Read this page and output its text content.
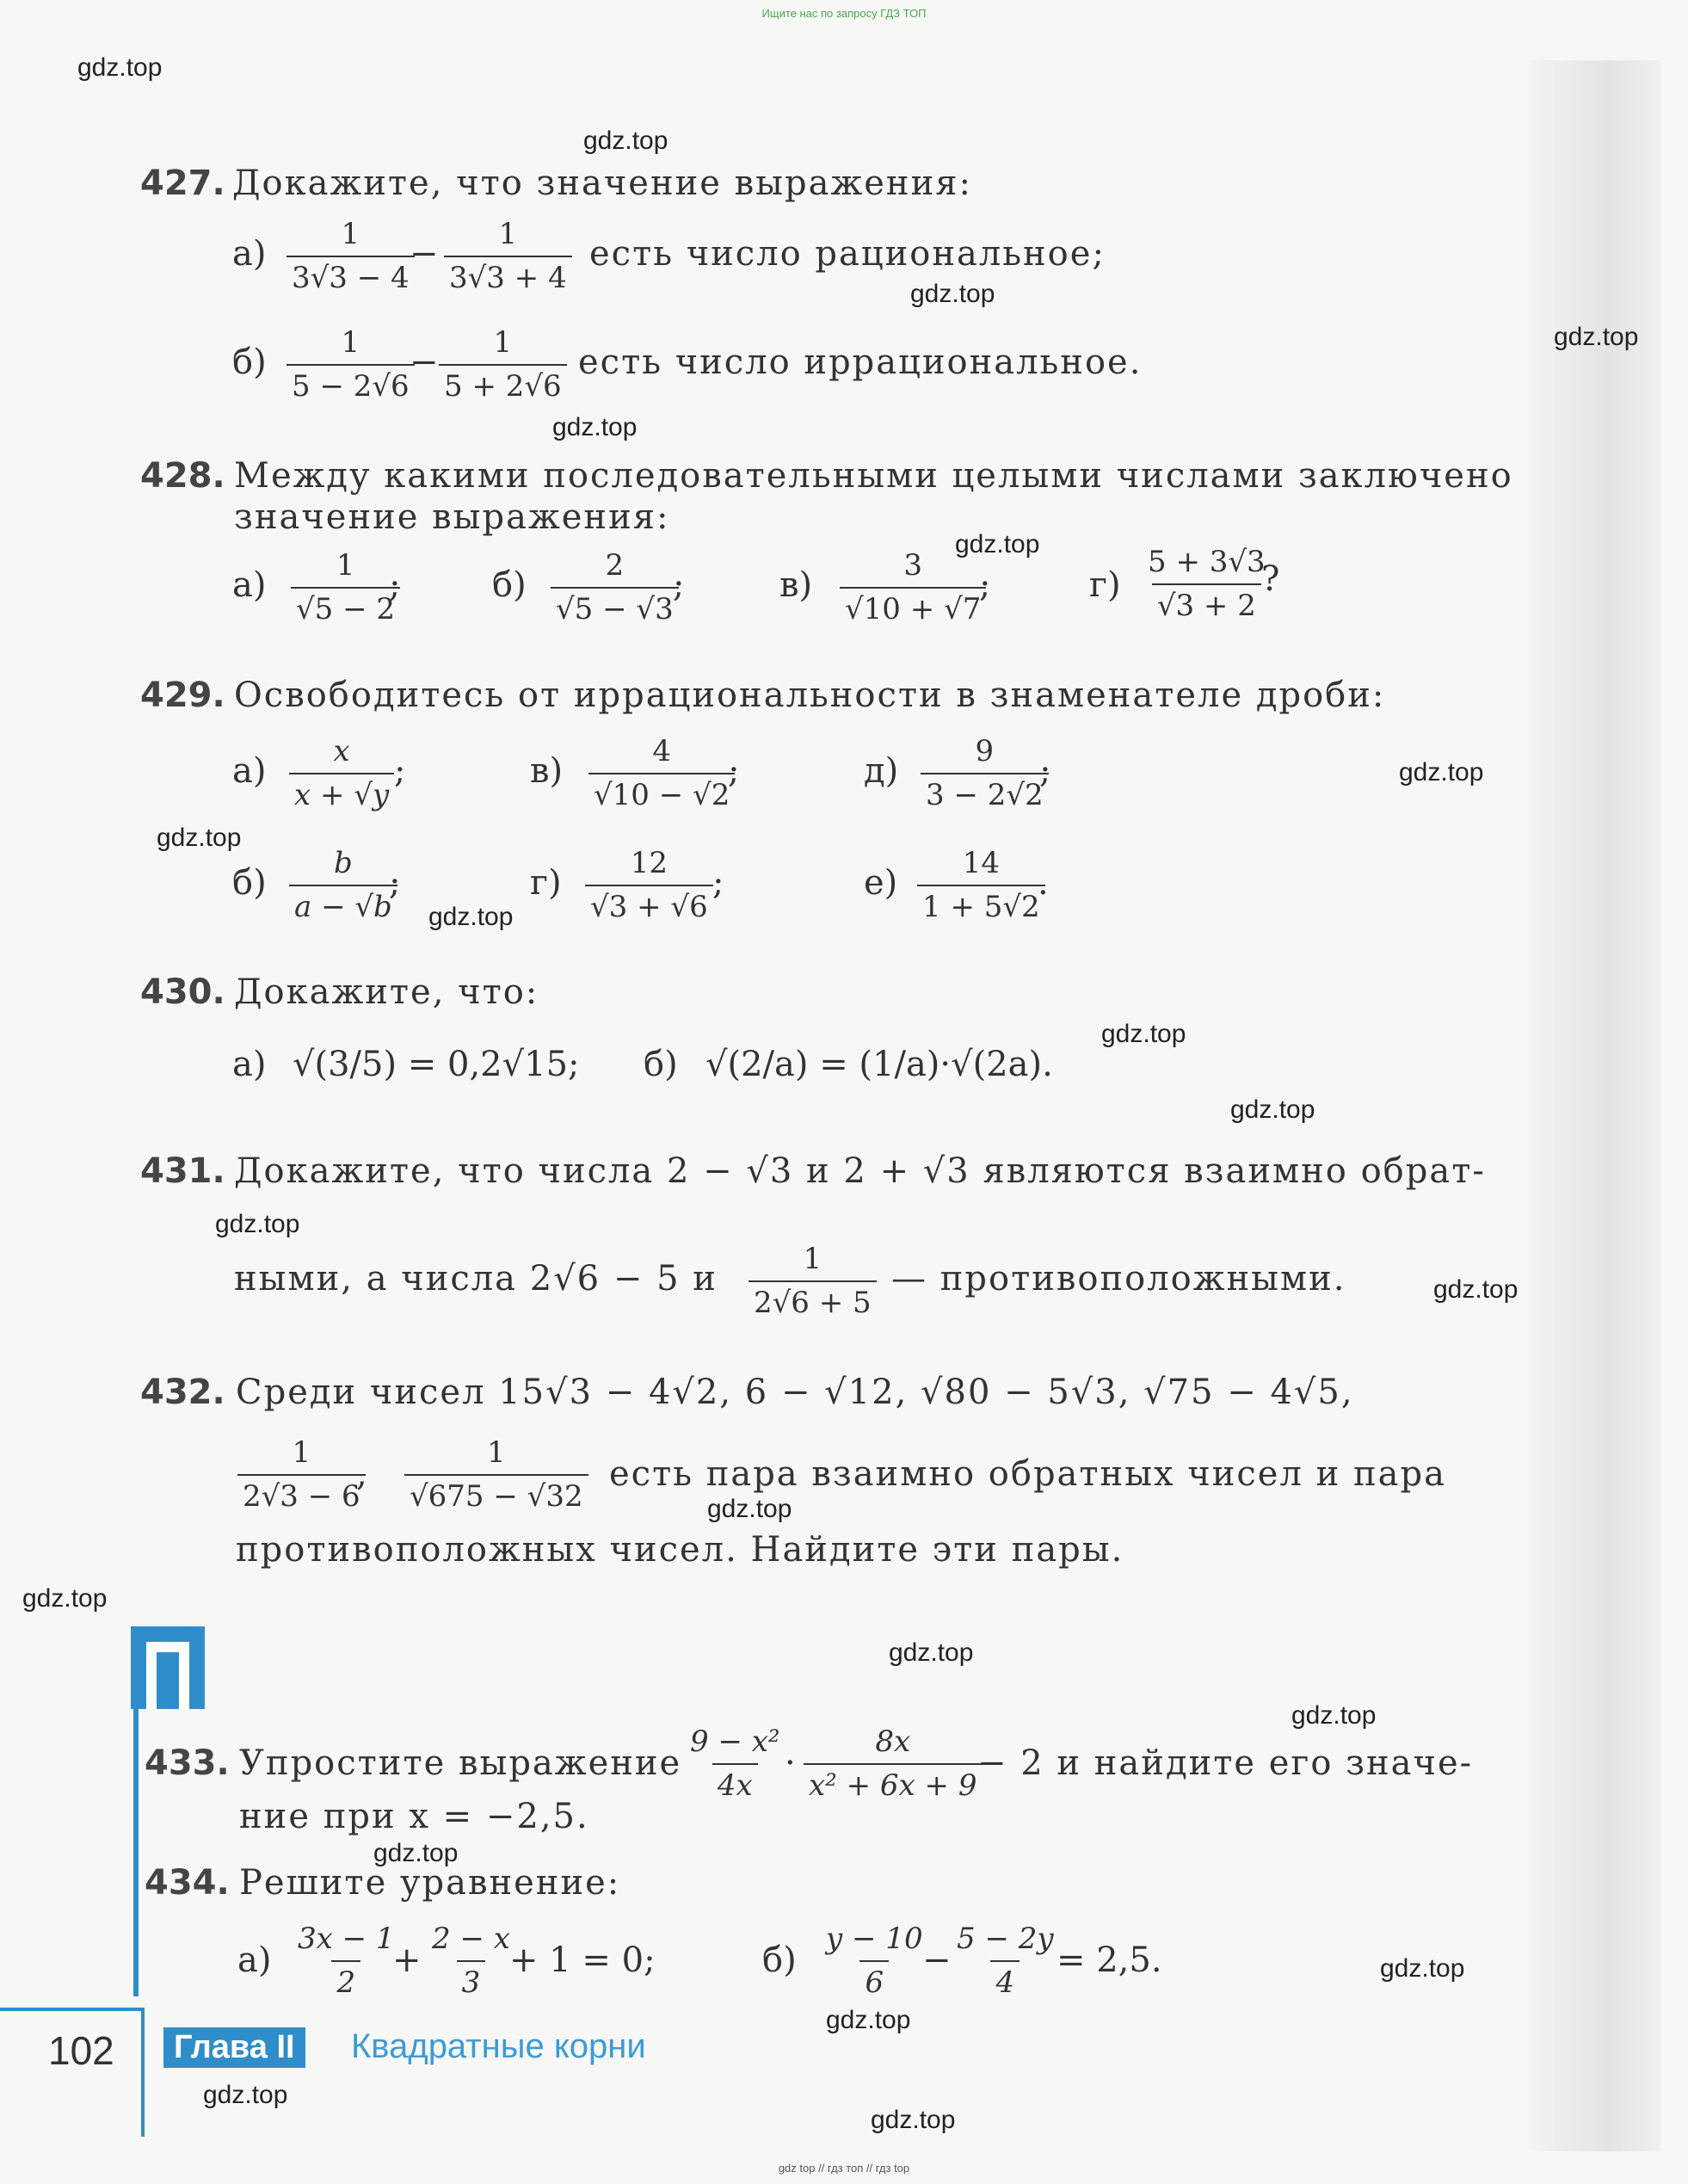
Ищите нас по запросу ГДЗ ТОП
gdz.top
gdz.top
gdz.top
gdz.top
gdz.top
gdz.top
gdz.top
gdz.top
gdz.top
gdz.top
gdz.top
gdz.top
gdz.top
gdz.top
gdz.top
gdz.top
gdz.top
gdz.top
gdz.top
gdz.top
gdz.top
gdz.top
427. Докажите, что значение выражения:
$а) \frac{1}{3√3 - 4}$
− $\frac{1}{3√3 + 4}$ есть число рациональное;
$б) \frac{1}{5 - 2√6}$
− $\frac{1}{5 + 2√6}$ есть число иррациональное.
428. Между какими последовательными целыми числами заключено
значение выражения:
$а) \frac{1}{√5 - 2}$
;	$б) \frac{2}{√5 - √3}$
;	$в) \frac{3}{√10 + √7}$
;	$г) \frac{5 + 3√3}{√3 + 2}$
?
429. Освободитесь от иррациональности в знаменателе дроби:
$а) \frac{x}{x + √y}$ ;	$в) \frac{4}{√10 - √2}$
;	$д) \frac{9}{3 - 2√2}$
;
$б) \frac{b}{a - √b}$
;	$г) \frac{12}{√3 + √6}$ ;	$е) \frac{14}{1 + 5√2}$
.
430. Докажите, что:
а) √(3/5) = 0,2√15; б) √(2/a) = (1/a)·√(2a).
431. Докажите, что числа 2 − √3 и 2 + √3 являются взаимно обрат-
ными, а числа 2√6 − 5 и $\frac{1}{2√6 + 5}$ — противоположными.
432. Среди чисел 15√3 − 4√2, 6 − √12, √80 − 5√3, √75 − 4√5,
$\frac{1}{2√3 - 6}$
, $\frac{1}{√675 - √32}$ есть пара взаимно обратных чисел и пара
противоположных чисел. Найдите эти пары.
433. Упростите выражение $\frac{\text{9 − x²}}{4x} \cdot \frac{8x}{\text{x² + 6x + 9}}$
− 2 и найдите его значе-
ние при x = −2,5.
434. Решите уравнение:
$а) \frac{3x - 1}{2}$
+ $\frac{2 - x}{3}$
+ 1 = 0;	$б) \frac{y - 10}{6}$
− $\frac{5 - 2y}{4}$
= 2,5.
102	Глава II	Квадратные корни
gdz top // гдз топ // гдз top
